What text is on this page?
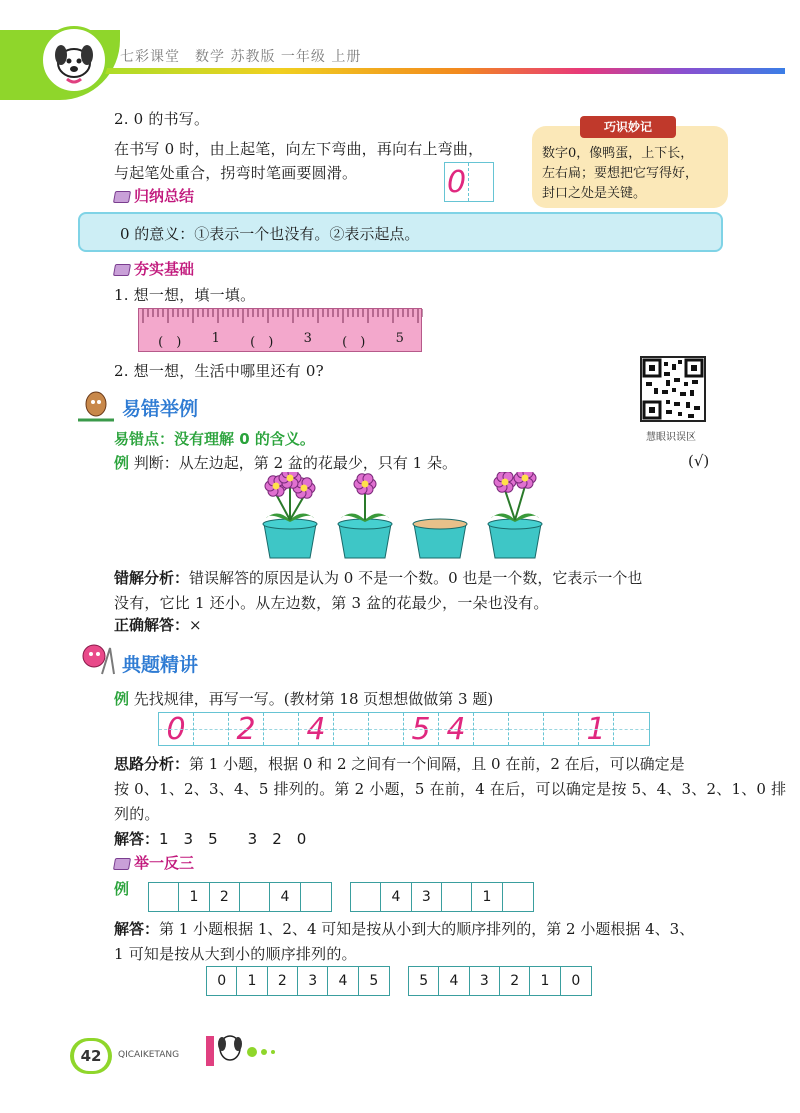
七彩课堂　数学 苏教版 一年级 上册
2. 0 的书写。
在书写 0 时，由上起笔，向左下弯曲，再向右上弯曲，
与起笔处重合，拐弯时笔画要圆滑。	0
巧识妙记
数字0，像鸭蛋，上下长，
左右扁；要想把它写得好，
封口之处是关键。
归纳总结
0 的意义：①表示一个也没有。②表示起点。
夯实基础
1. 想一想，填一填。
(　) 1 (　) 3 (　) 5
2. 想一想，生活中哪里还有 0?
慧眼识误区
易错举例
易错点：没有理解 0 的含义。
例 判断：从左边起，第 2 盆的花最少，只有 1 朵。	(√)
错解分析：错误解答的原因是认为 0 不是一个数。0 也是一个数，它表示一个也
没有，它比 1 还小。从左边数，第 3 盆的花最少，一朵也没有。
正确解答：×
典题精讲
例 先找规律，再写一写。(教材第 18 页想想做做第 3 题)
0 2 4	5 4	1
思路分析：第 1 小题，根据 0 和 2 之间有一个间隔，且 0 在前，2 在后，可以确定是
按 0、1、2、3、4、5 排列的。第 2 小题，5 在前，4 在后，可以确定是按 5、4、3、2、1、0 排
列的。
解答：1　3　5　　3　2　0
举一反三
例	1	2	4	4	3	1
解答：第 1 小题根据 1、2、4 可知是按从小到大的顺序排列的，第 2 小题根据 4、3、
1 可知是按从大到小的顺序排列的。
0	1	2	3	4	5	5	4	3	2	1	0
42	QICAIKETANG
